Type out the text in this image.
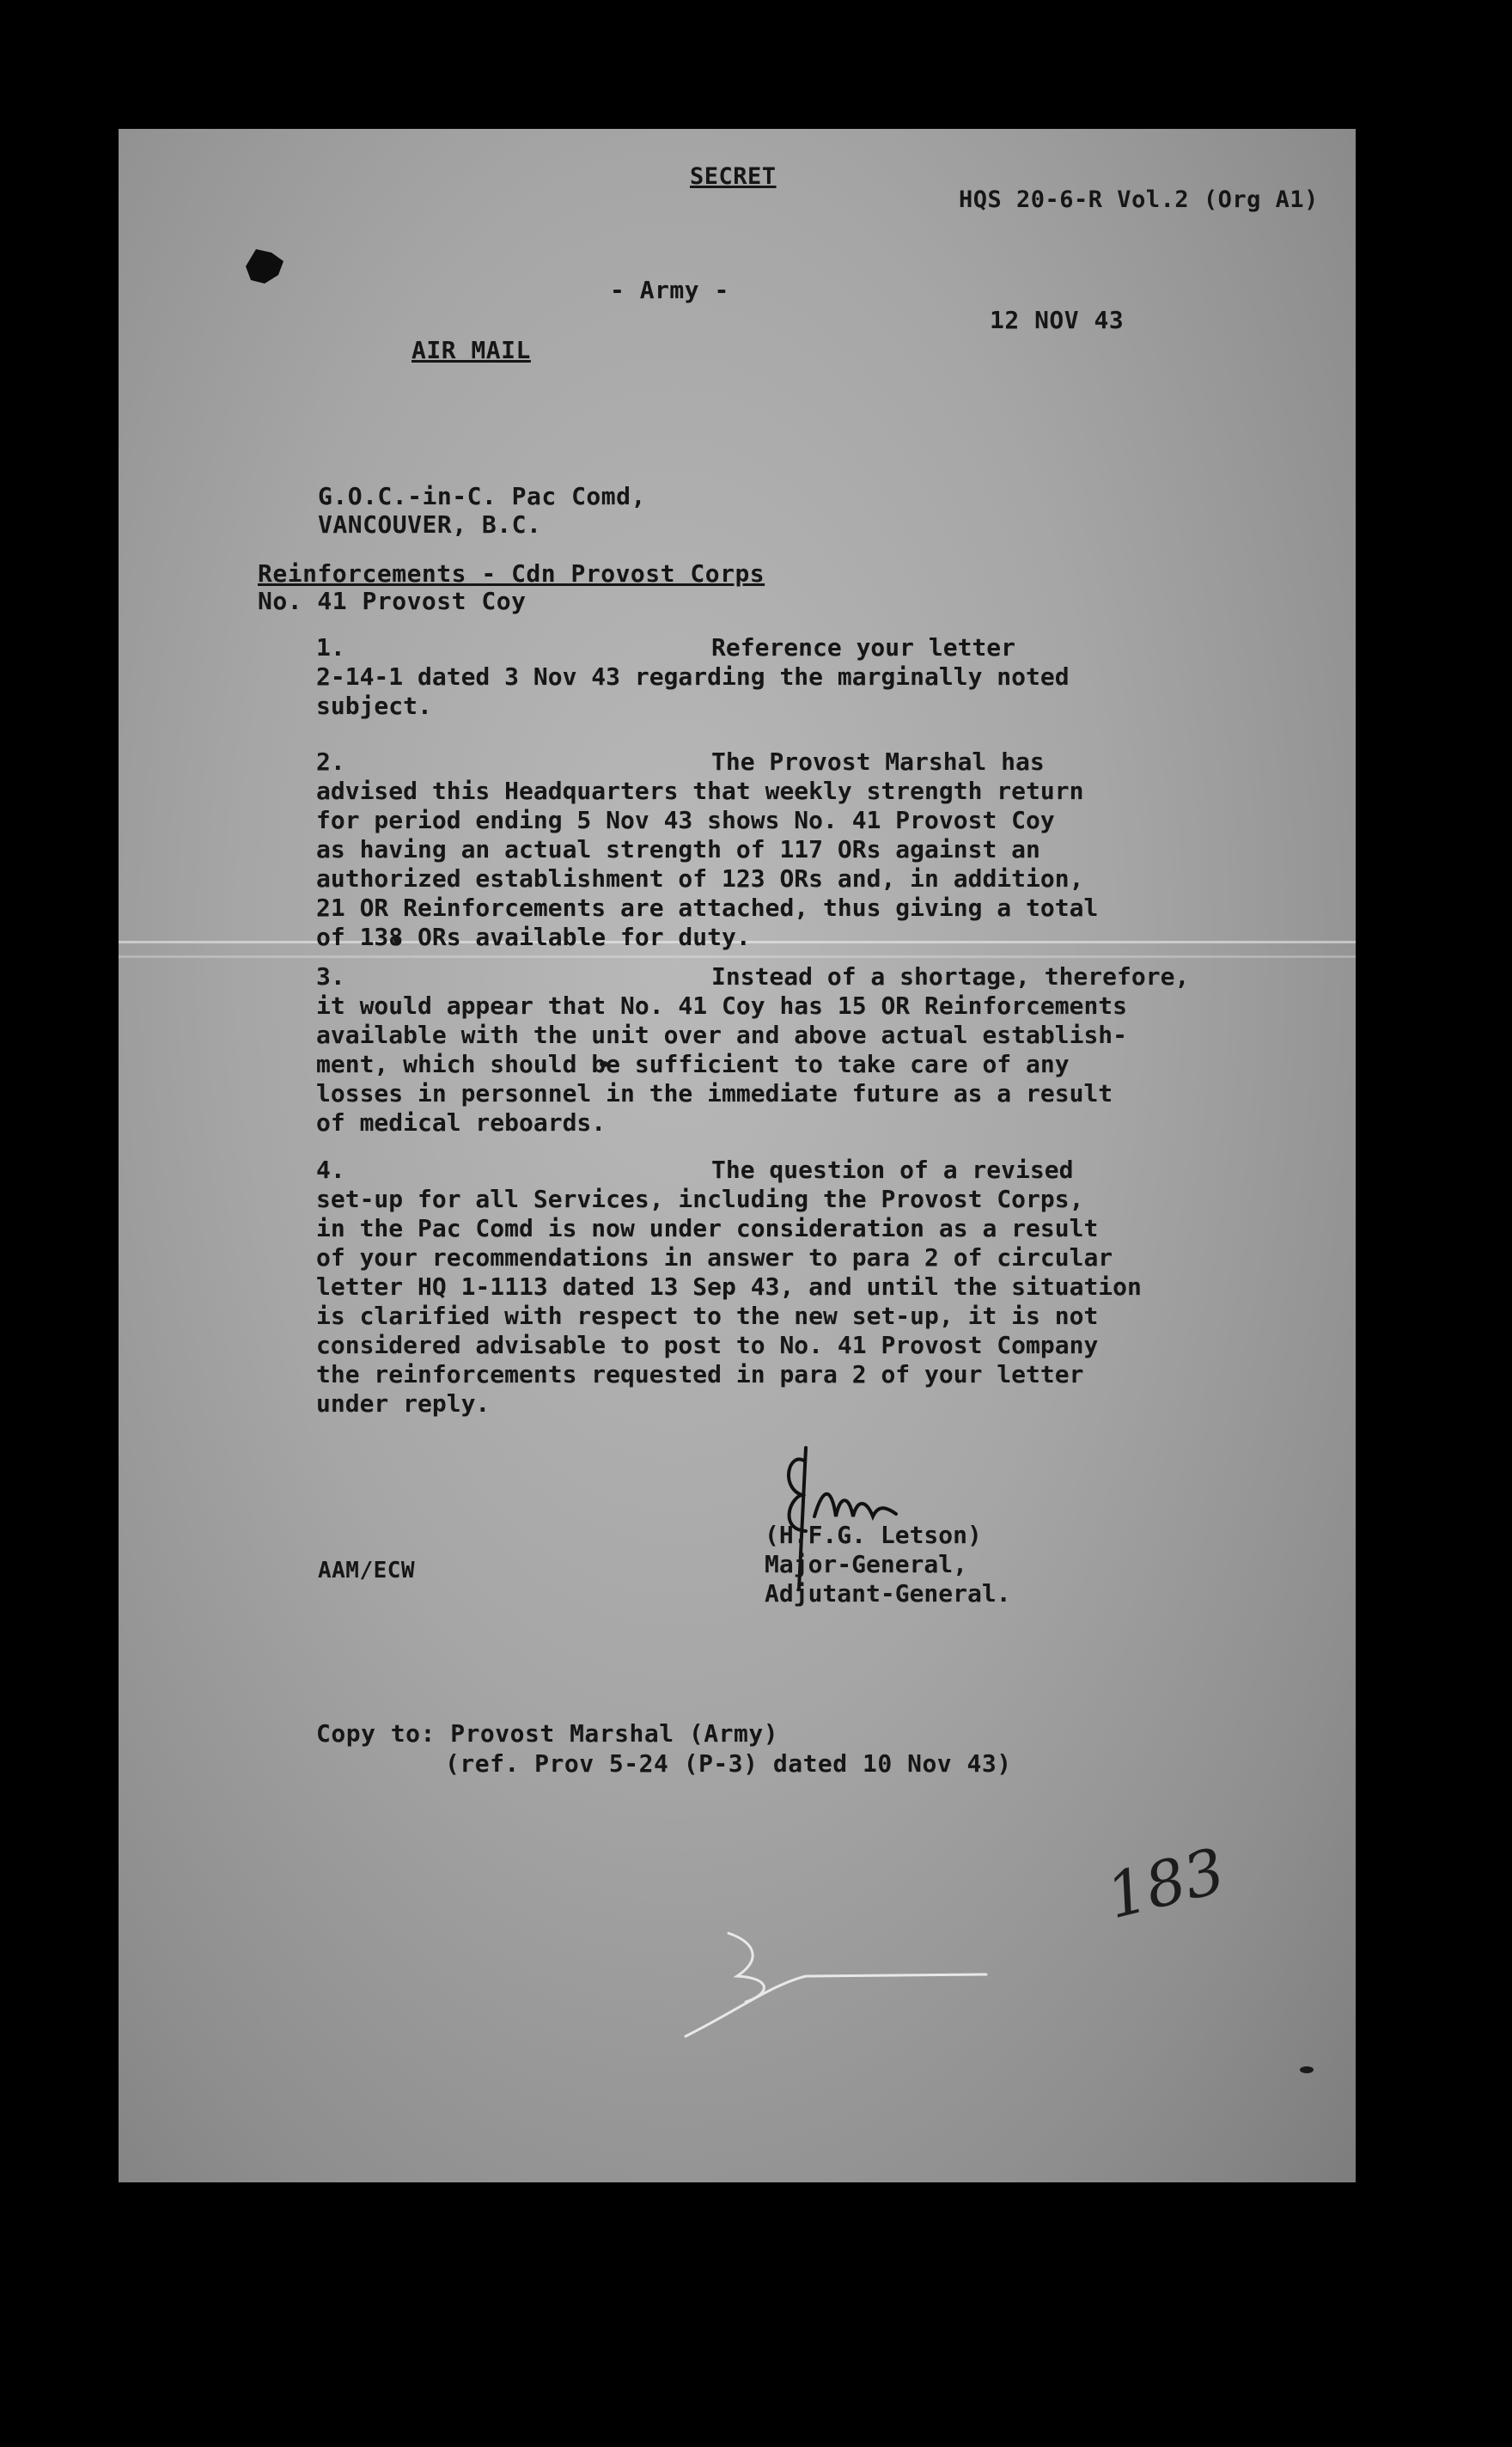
SECRET
HQS 20-6-R Vol.2 (Org A1)
- Army -
12 NOV 43
AIR MAIL
G.O.C.-in-C. Pac Comd,
VANCOUVER, B.C.
Reinforcements - Cdn Provost Corps
No. 41 Provost Coy
1.	Reference your letter
2-14-1 dated 3 Nov 43 regarding the marginally noted
subject.
2.	The Provost Marshal has
advised this Headquarters that weekly strength return
for period ending 5 Nov 43 shows No. 41 Provost Coy
as having an actual strength of 117 ORs against an
authorized establishment of 123 ORs and, in addition,
21 OR Reinforcements are attached, thus giving a total
of 138 ORs available for duty.
3.	Instead of a shortage, therefore,
it would appear that No. 41 Coy has 15 OR Reinforcements
available with the unit over and above actual establish-
ment, which should be sufficient to take care of any
losses in personnel in the immediate future as a result
of medical reboards.
4.	The question of a revised
set-up for all Services, including the Provost Corps,
in the Pac Comd is now under consideration as a result
of your recommendations in answer to para 2 of circular
letter HQ 1-1113 dated 13 Sep 43, and until the situation
is clarified with respect to the new set-up, it is not
considered advisable to post to No. 41 Provost Company
the reinforcements requested in para 2 of your letter
under reply.
(H.F.G. Letson)
Major-General,
Adjutant-General.
AAM/ECW
Copy to: Provost Marshal (Army)
(ref. Prov 5-24 (P-3) dated 10 Nov 43)
183
